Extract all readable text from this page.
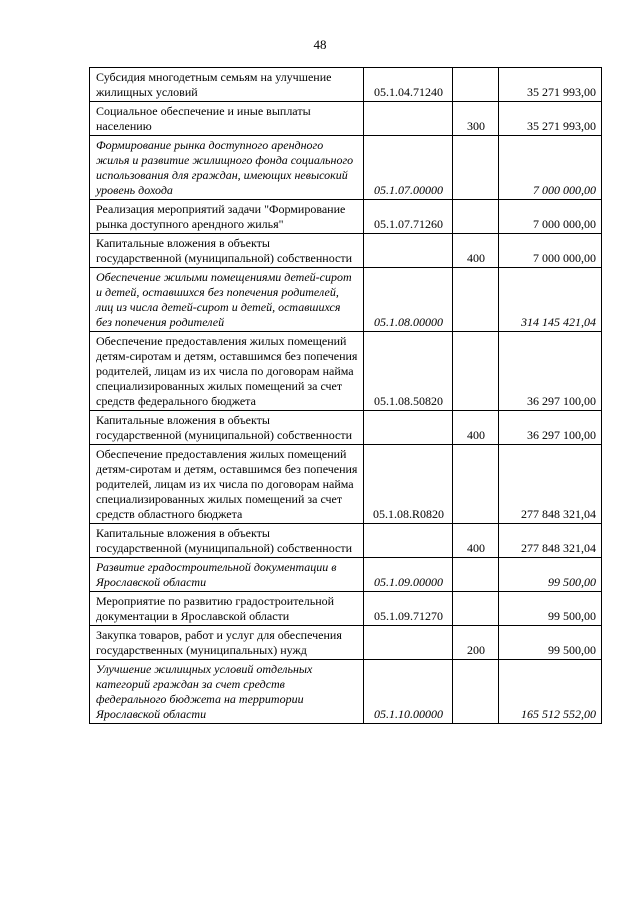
48
Субсидия многодетным семьям на улучшение жилищных условий	05.1.04.71240		35 271 993,00
Социальное обеспечение и иные выплаты населению		300	35 271 993,00
Формирование рынка доступного арендного жилья и развитие жилищного фонда социального использования для граждан, имеющих невысокий уровень дохода	05.1.07.00000		7 000 000,00
Реализация мероприятий задачи "Формирование рынка доступного арендного жилья"	05.1.07.71260		7 000 000,00
Капитальные вложения в объекты государственной (муниципальной) собственности		400	7 000 000,00
Обеспечение жилыми помещениями детей-сирот и детей, оставшихся без попечения родителей, лиц из числа детей-сирот и детей, оставшихся без попечения родителей	05.1.08.00000		314 145 421,04
Обеспечение предоставления жилых помещений детям-сиротам и детям, оставшимся без попечения родителей, лицам из их числа по договорам найма специализированных жилых помещений за счет средств федерального бюджета	05.1.08.50820		36 297 100,00
Капитальные вложения в объекты государственной (муниципальной) собственности		400	36 297 100,00
Обеспечение предоставления жилых помещений детям-сиротам и детям, оставшимся без попечения родителей, лицам из их числа по договорам найма специализированных жилых помещений за счет средств областного бюджета	05.1.08.R0820		277 848 321,04
Капитальные вложения в объекты государственной (муниципальной) собственности		400	277 848 321,04
Развитие градостроительной документации в Ярославской области	05.1.09.00000		99 500,00
Мероприятие по развитию градостроительной документации в Ярославской области	05.1.09.71270		99 500,00
Закупка товаров, работ и услуг для обеспечения государственных (муниципальных) нужд		200	99 500,00
Улучшение жилищных условий отдельных категорий граждан за счет средств федерального бюджета на территории Ярославской области	05.1.10.00000		165 512 552,00
